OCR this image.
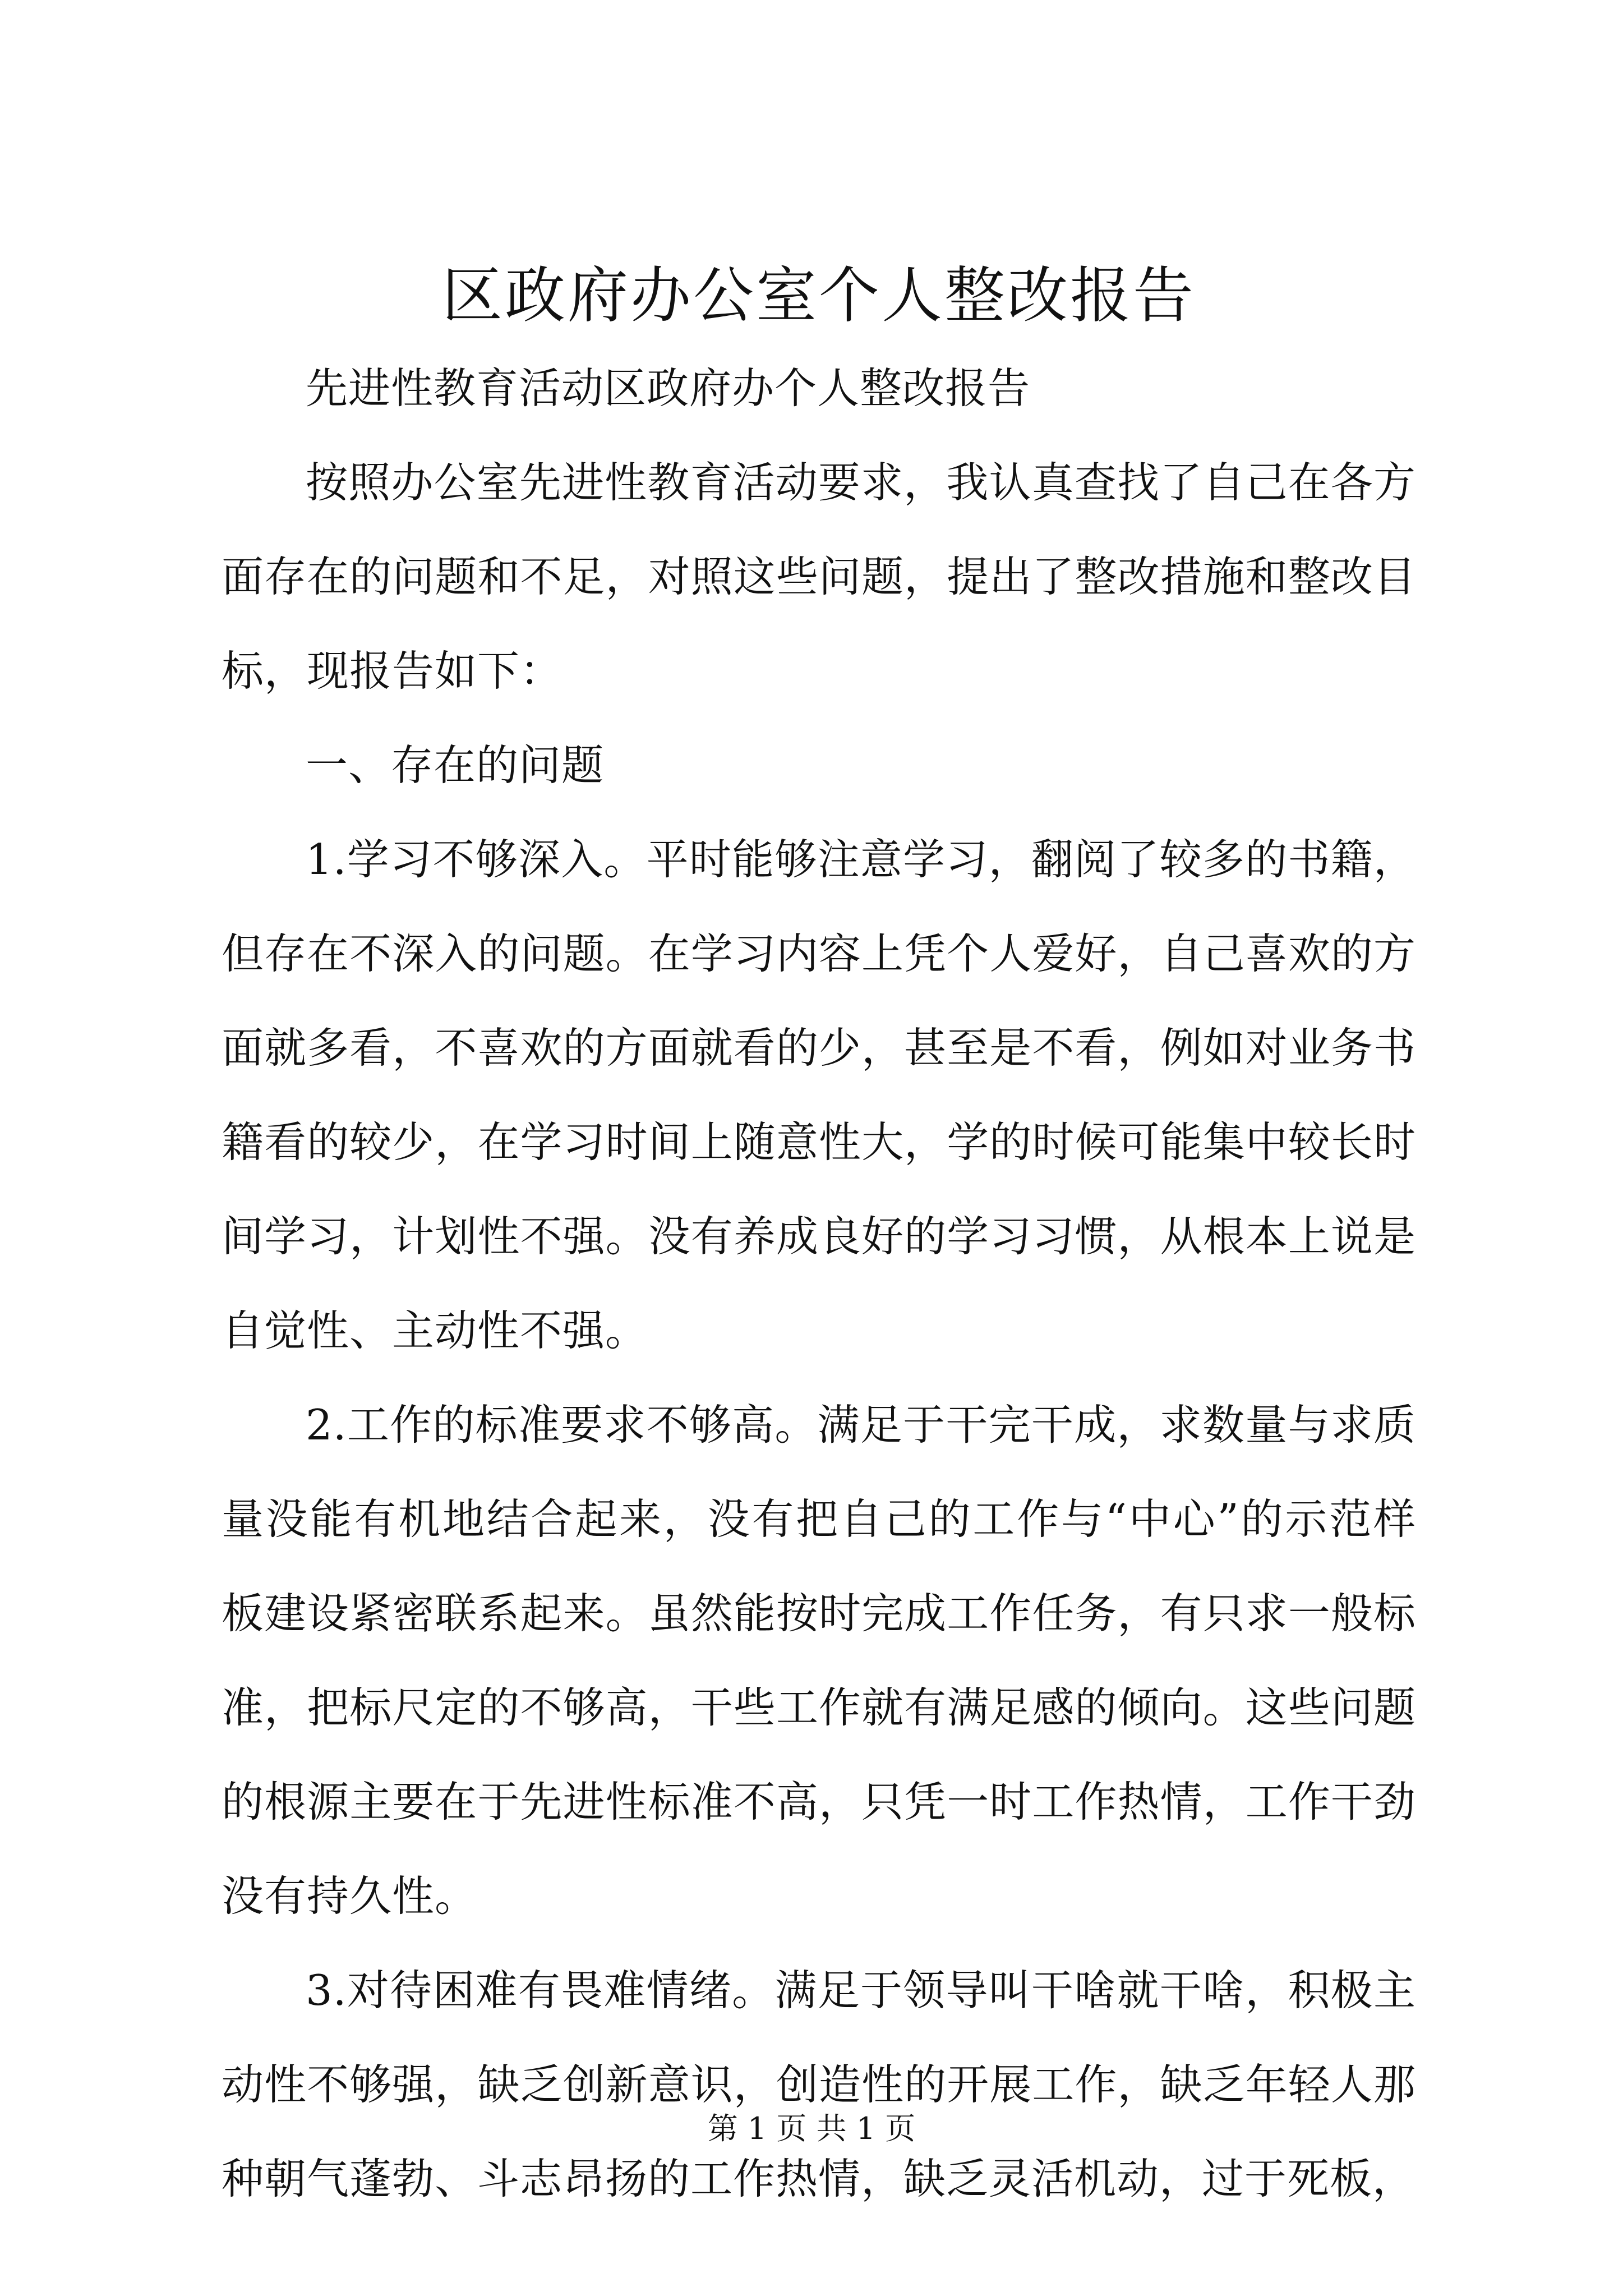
区政府办公室个人整改报告

先进性教育活动区政府办个人整改报告

按照办公室先进性教育活动要求，我认真查找了自己在各方面存在的问题和不足，对照这些问题，提出了整改措施和整改目标，现报告如下：

一、存在的问题

1.学习不够深入。平时能够注意学习，翻阅了较多的书籍，但存在不深入的问题。在学习内容上凭个人爱好，自己喜欢的方面就多看，不喜欢的方面就看的少，甚至是不看，例如对业务书籍看的较少，在学习时间上随意性大，学的时候可能集中较长时间学习，计划性不强。没有养成良好的学习习惯，从根本上说是自觉性、主动性不强。

2.工作的标准要求不够高。满足于干完干成，求数量与求质量没能有机地结合起来，没有把自己的工作与“中心”的示范样板建设紧密联系起来。虽然能按时完成工作任务，有只求一般标准，把标尺定的不够高，干些工作就有满足感的倾向。这些问题的根源主要在于先进性标准不高，只凭一时工作热情，工作干劲没有持久性。

3.对待困难有畏难情绪。满足于领导叫干啥就干啥，积极主动性不够强，缺乏创新意识，创造性的开展工作，缺乏年轻人那种朝气蓬勃、斗志昂扬的工作热情，缺乏灵活机动，过于死板，

第 1 页 共 1 页
